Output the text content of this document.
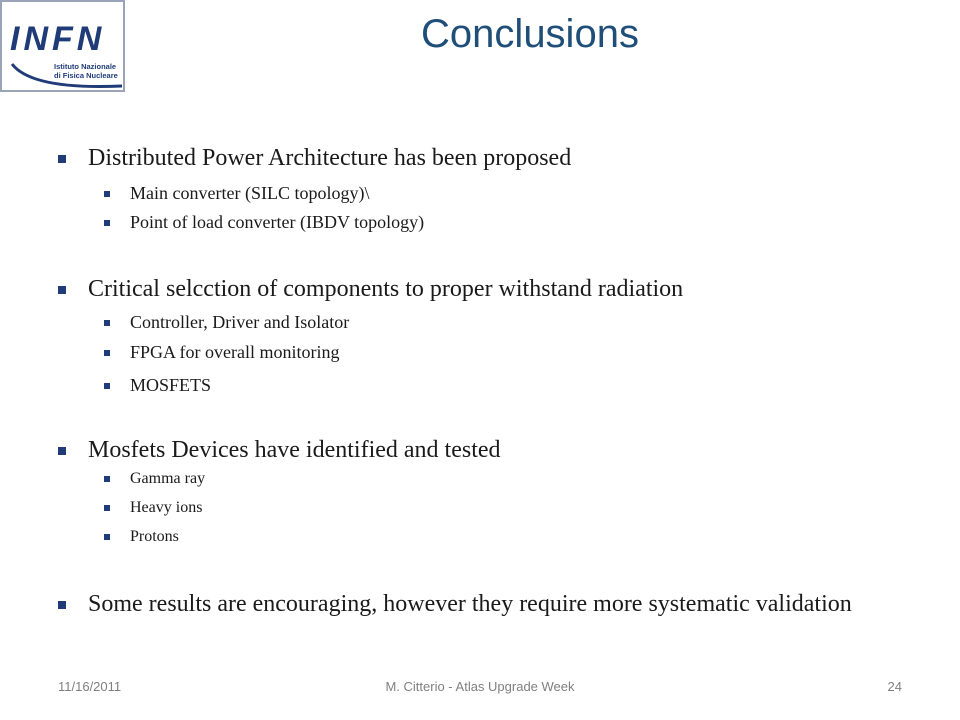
INFN
Istituto Nazionale
di Fisica Nucleare
Conclusions
Distributed Power Architecture has been proposed
Main converter (SILC topology)\
Point of load converter (IBDV topology)
Critical selcction of components to proper withstand radiation
Controller, Driver and Isolator
FPGA for overall monitoring
MOSFETS
Mosfets Devices have identified and tested
Gamma ray
Heavy ions
Protons
Some results are encouraging, however they require more systematic validation
11/16/2011	M. Citterio - Atlas Upgrade Week	24
